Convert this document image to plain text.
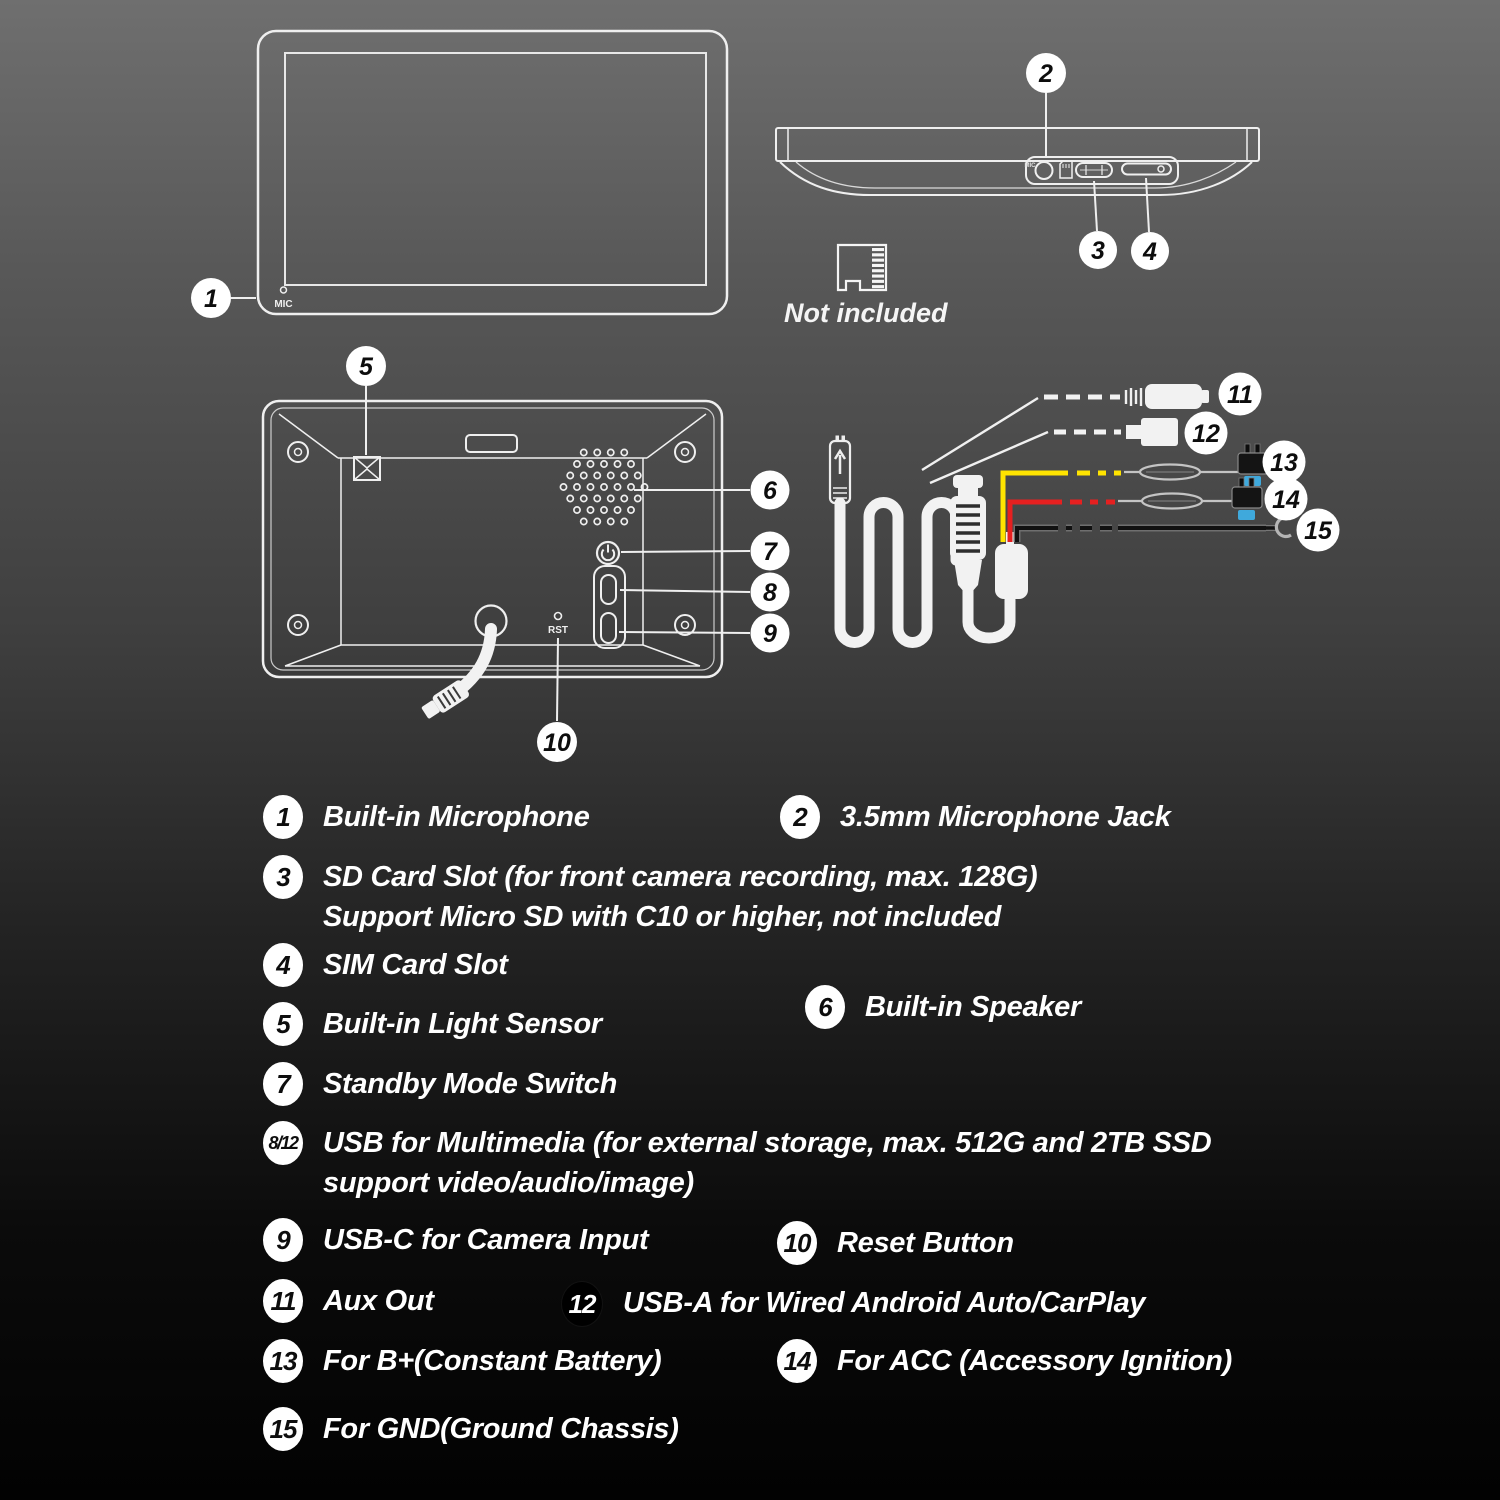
MIC
1
MIC
2
3 4
Not included
RST
5
6
7
8
9
10
11
12
13
14
15
1	Built-in Microphone	2	3.5mm Microphone Jack
3	SD Card Slot (for front camera recording, max. 128G)
Support Micro SD with C10 or higher, not included
4	SIM Card Slot
6	Built-in Speaker
5	Built-in Light Sensor
7	Standby Mode Switch
8/12 USB for Multimedia (for external storage, max. 512G and 2TB SSD
support video/audio/image)
9	USB-C for Camera Input	10 Reset Button
11 Aux Out	12 USB-A for Wired Android Auto/CarPlay
13 For B+(Constant Battery)	14 For ACC (Accessory Ignition)
15 For GND(Ground Chassis)
